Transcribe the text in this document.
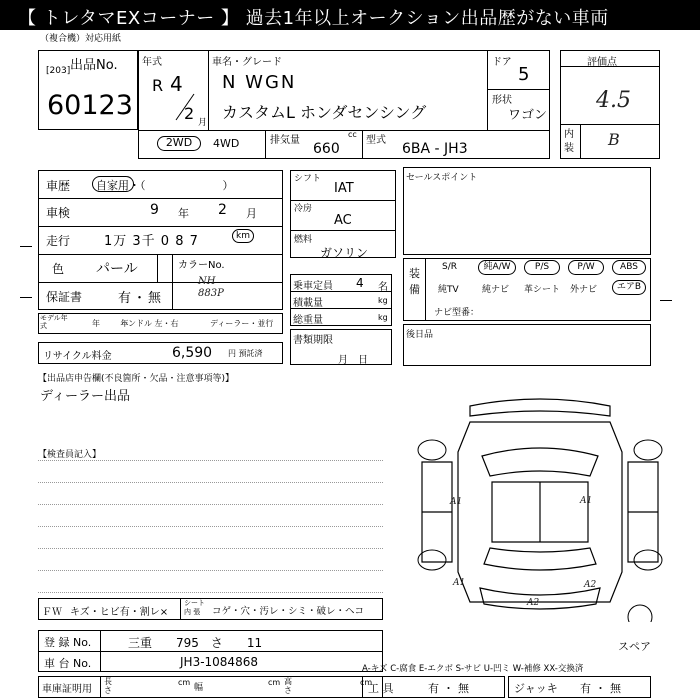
【 トレタマEXコーナー 】 過去1年以上オークション出品歴がない車両
（複合機）対応用紙
出品No.
[203]
60123
年式
R 4
2 月
車名・グレード
N WGN
カスタムL ホンダセンシング
ドア
5
形状
ワゴン
2WD	4WD	排気量
cc
660
型式
6BA - JH3
評価点
4.5
内装 B
車歴 自家用・（　　　　　　　）
車検	9 年 2 月
走行	1万 3千 0 8 7	km
色 パール	カラーNo.
NH 883P
保証書	有・無
モデル年式	年 年
ハンドル 左・右	ディーラー・並行
リサイクル料金	6,590 円 預託済
シフト
IAT
冷房
AC
燃料
ガソリン
乗車定員 4 名
積載量	kg
総重量	kg
書類期限
月　日
セールスポイント
装備
S/R	純A/W	P/S	P/W	ABS
純TV	純ナビ 革シート 外ナビ	エアB
ナビ型番：
後日品
【出品店申告欄(不良箇所・欠品・注意事項等)】
ディーラー出品
【検査員記入】
A1	A1
A1
A2
A2
スペア
ＦＷ キズ・ヒビ有・割レ×
シート内 張	コゲ・穴・汚レ・シミ・破レ・ヘコ
登 録 No.	三重　　795　さ　　11
車 台 No.	JH3-1084868
車庫証明用
長さ
cm
幅
cm 高さ
cm
A-キズ C-腐食 E-エクボ S-サビ U-凹ミ W-補修 XX-交換済
工 具	有・無	ジャッキ 有・無
